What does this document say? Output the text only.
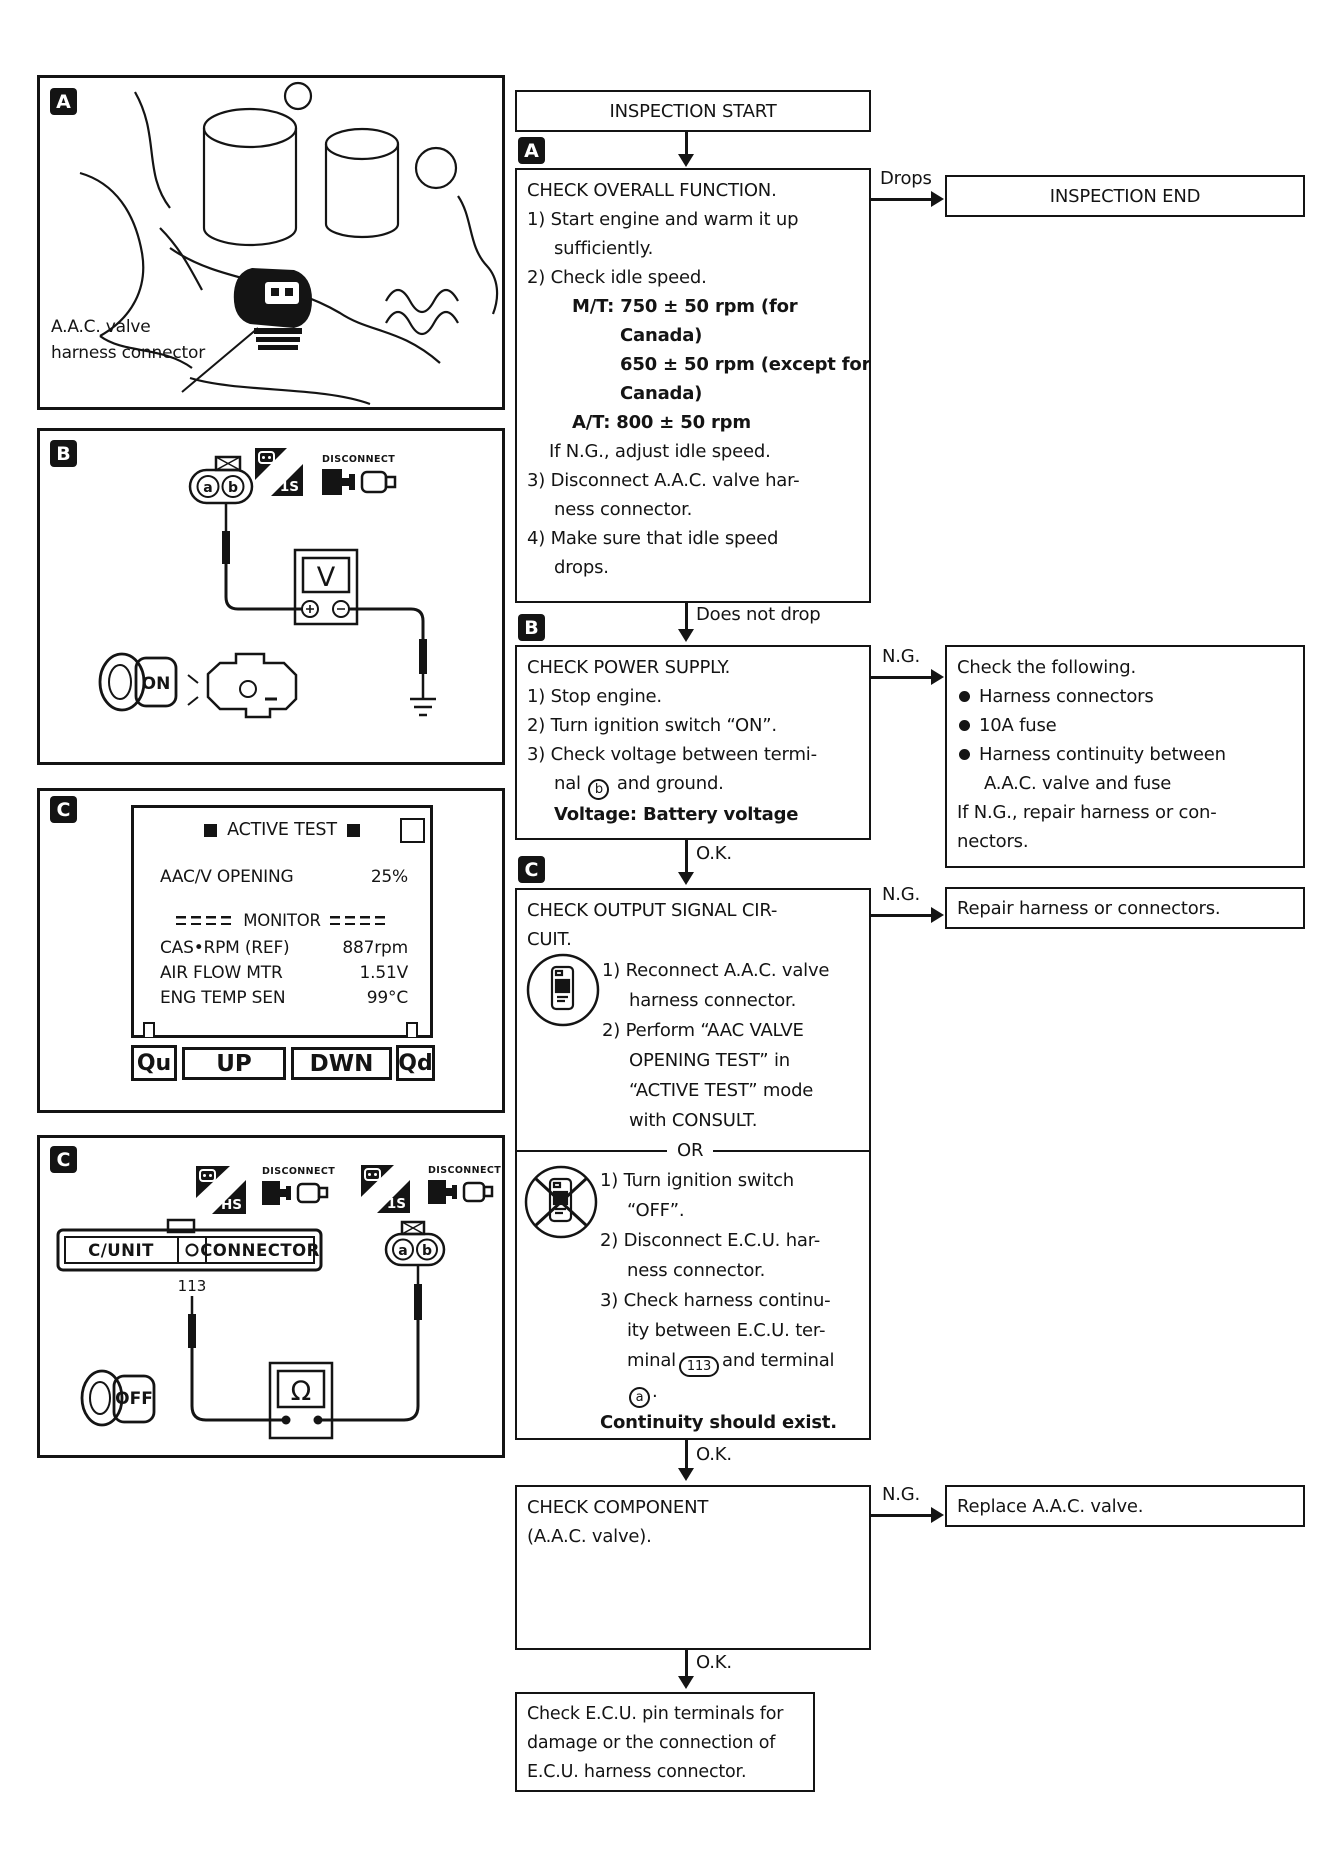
A
A.A.C. valve
harness connector
B
a b	1S
DISCONNECT
V
ON
C
ACTIVE TEST
AAC/V OPENING	25%
MONITOR
CAS•RPM (REF)	887rpm
AIR FLOW MTR	1.51V
ENG TEMP SEN	99°C
Qu UP	DWN Qd
C
HS
DISCONNECT
1S
DISCONNECT
C/UNIT	CONNECTOR
113
Ω
a b
OFF
INSPECTION START
A
CHECK OVERALL FUNCTION.
1) Start engine and warm it up
sufficiently.
2) Check idle speed.
M/T: 750 ± 50 rpm (for
Canada)
650 ± 50 rpm (except for
Canada)
A/T: 800 ± 50 rpm
If N.G., adjust idle speed.
3) Disconnect A.A.C. valve har-
ness connector.
4) Make sure that idle speed
drops.
Drops
INSPECTION END
Does not drop
B
CHECK POWER SUPPLY.
1) Stop engine.
2) Turn ignition switch “ON”.
3) Check voltage between termi-
nal b and ground.
Voltage: Battery voltage
N.G.
Check the following.
Harness connectors
10A fuse
Harness continuity between
A.A.C. valve and fuse
If N.G., repair harness or con-
nectors.
O.K.
C
CHECK OUTPUT SIGNAL CIR-
CUIT.
1) Reconnect A.A.C. valve
harness connector.
2) Perform “AAC VALVE
OPENING TEST” in
“ACTIVE TEST” mode
with CONSULT.
OR
1) Turn ignition switch
“OFF”.
2) Disconnect E.C.U. har-
ness connector.
3) Check harness continu-
ity between E.C.U. ter-
minal 113 and terminal
a .
Continuity should exist.
N.G.
Repair harness or connectors.
O.K.
CHECK COMPONENT
(A.A.C. valve).
N.G.
Replace A.A.C. valve.
O.K.
Check E.C.U. pin terminals for
damage or the connection of
E.C.U. harness connector.
